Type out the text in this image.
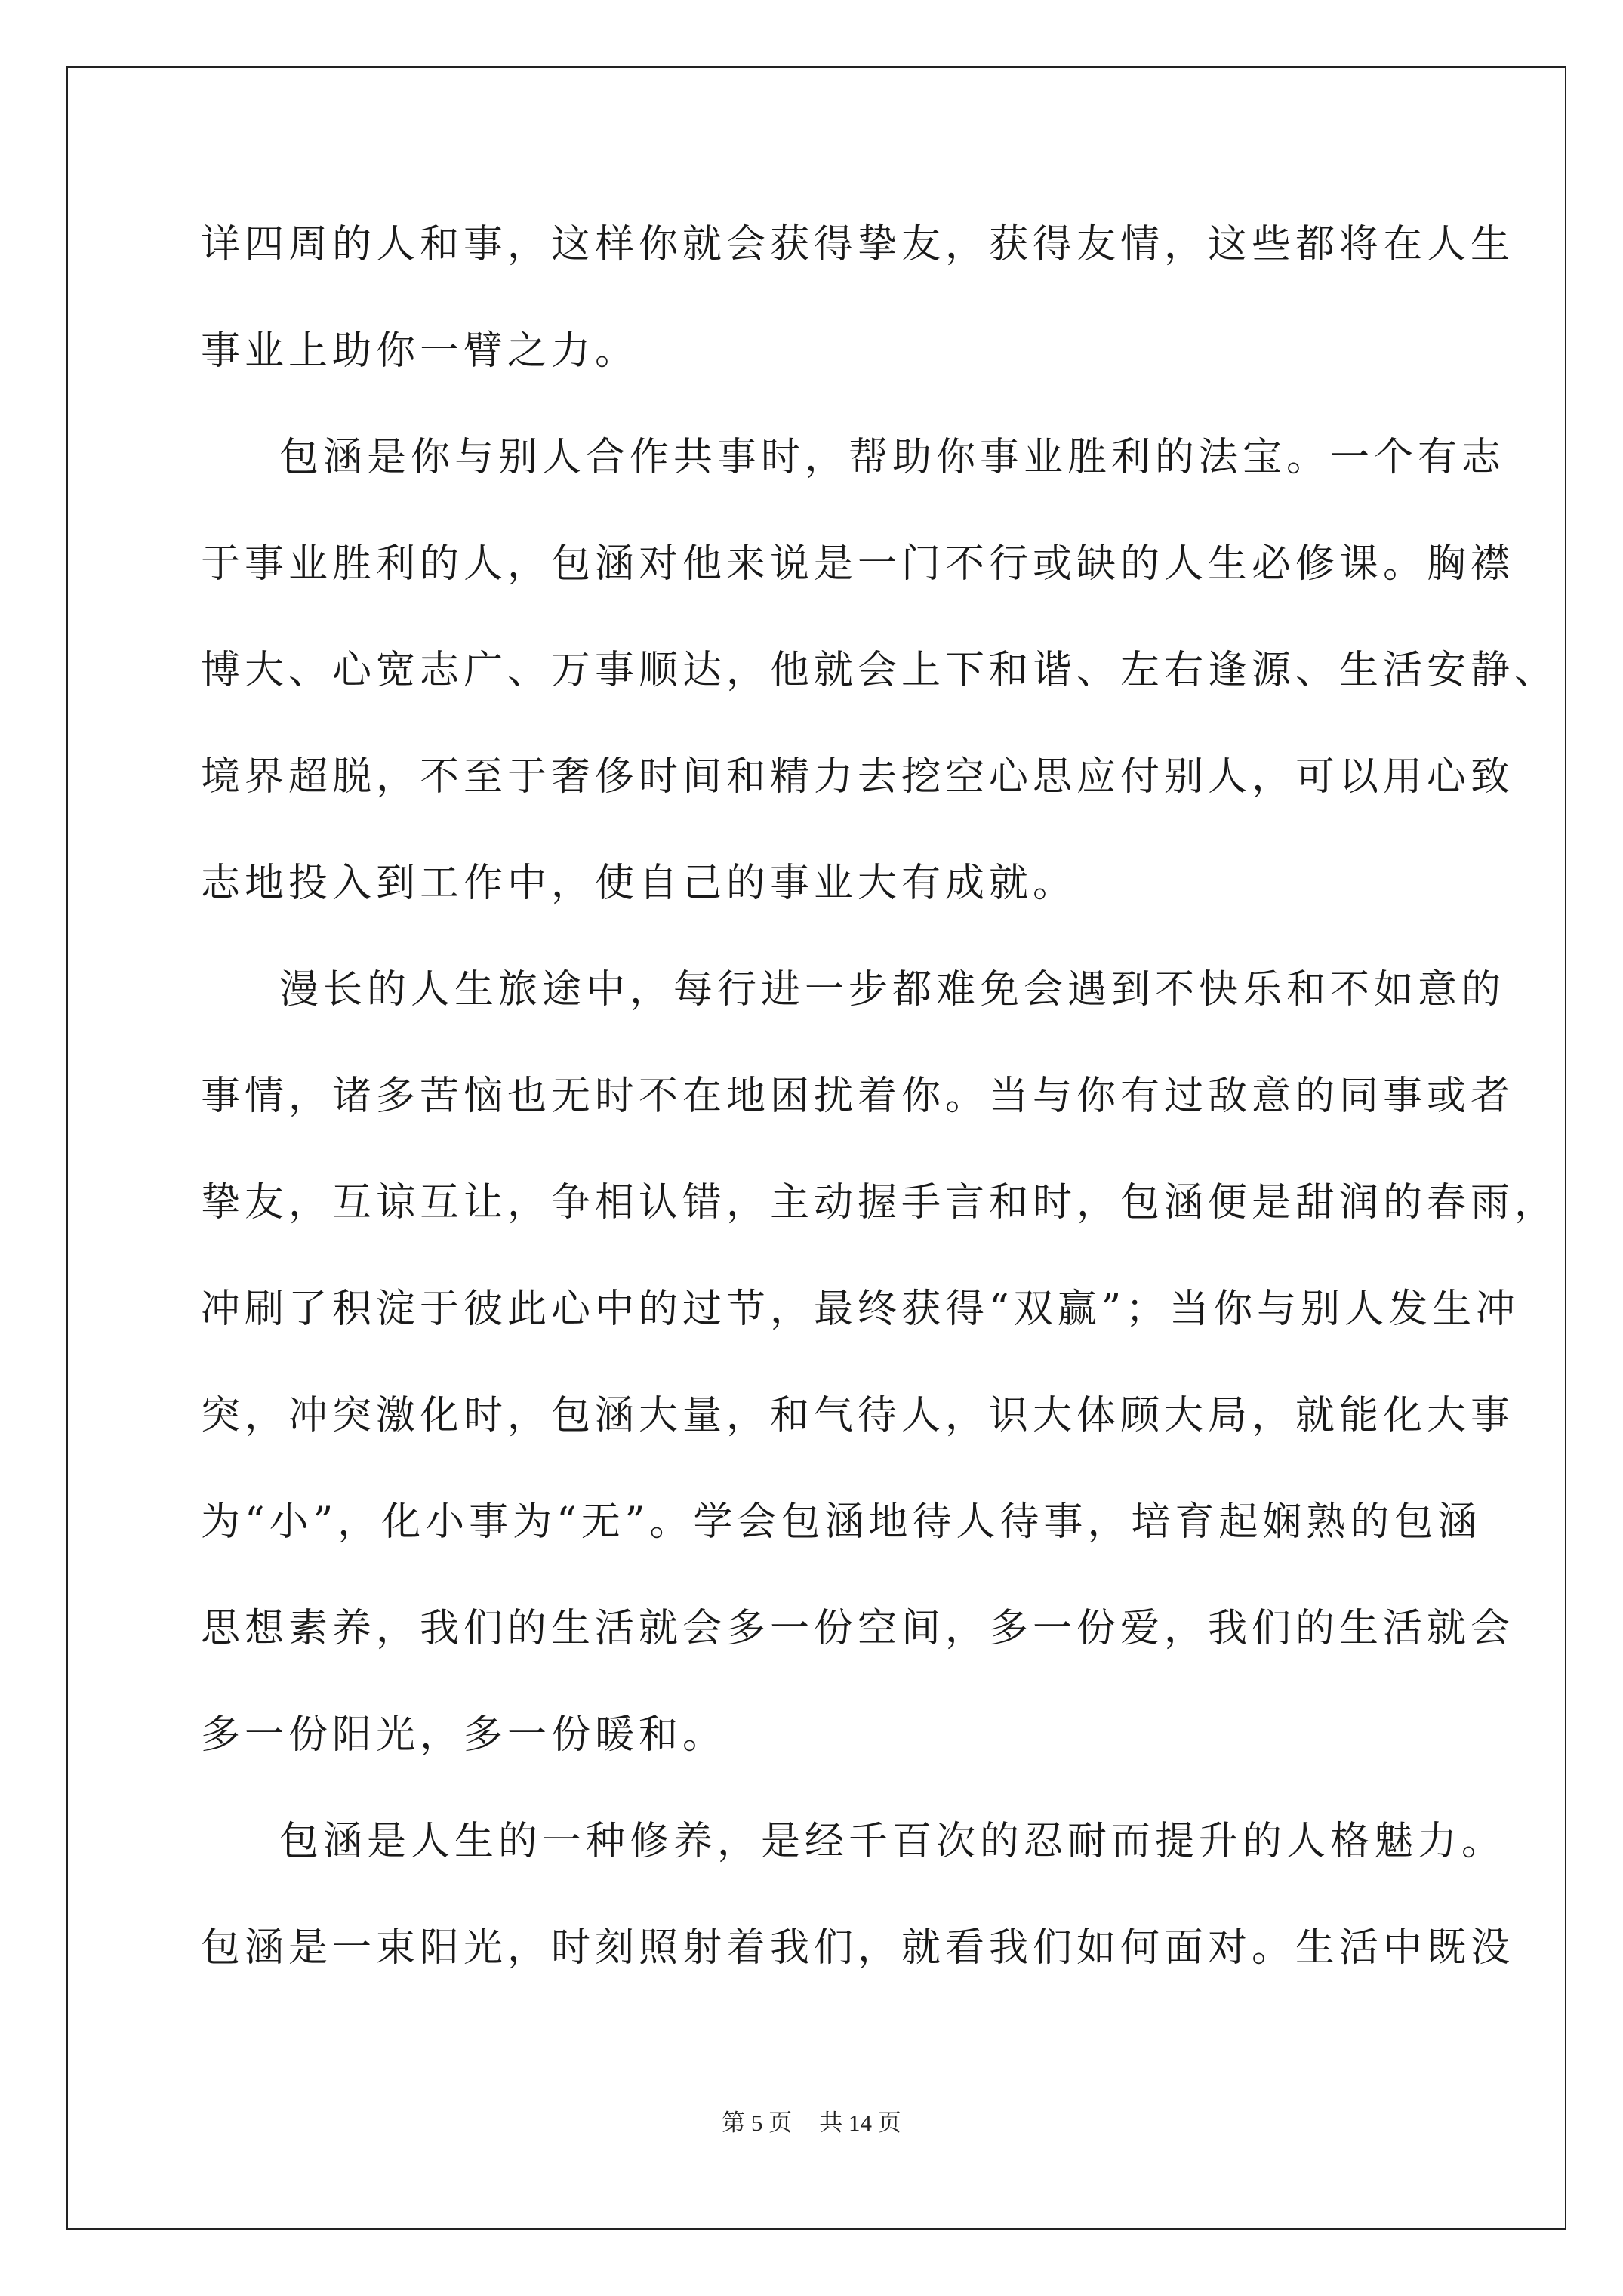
详四周的人和事，这样你就会获得挚友，获得友情，这些都将在人生
事业上助你一臂之力。
包涵是你与别人合作共事时，帮助你事业胜利的法宝。一个有志
于事业胜利的人，包涵对他来说是一门不行或缺的人生必修课。胸襟
博大、心宽志广、万事顺达，他就会上下和谐、左右逢源、生活安静、
境界超脱，不至于奢侈时间和精力去挖空心思应付别人，可以用心致
志地投入到工作中，使自己的事业大有成就。
漫长的人生旅途中，每行进一步都难免会遇到不快乐和不如意的
事情，诸多苦恼也无时不在地困扰着你。当与你有过敌意的同事或者
挚友，互谅互让，争相认错，主动握手言和时，包涵便是甜润的春雨，
冲刷了积淀于彼此心中的过节，最终获得“双赢”；当你与别人发生冲
突，冲突激化时，包涵大量，和气待人，识大体顾大局，就能化大事
为“小”，化小事为“无”。学会包涵地待人待事，培育起娴熟的包涵
思想素养，我们的生活就会多一份空间，多一份爱，我们的生活就会
多一份阳光，多一份暖和。
包涵是人生的一种修养，是经千百次的忍耐而提升的人格魅力。
包涵是一束阳光，时刻照射着我们，就看我们如何面对。生活中既没
第 5 页 共 14 页
